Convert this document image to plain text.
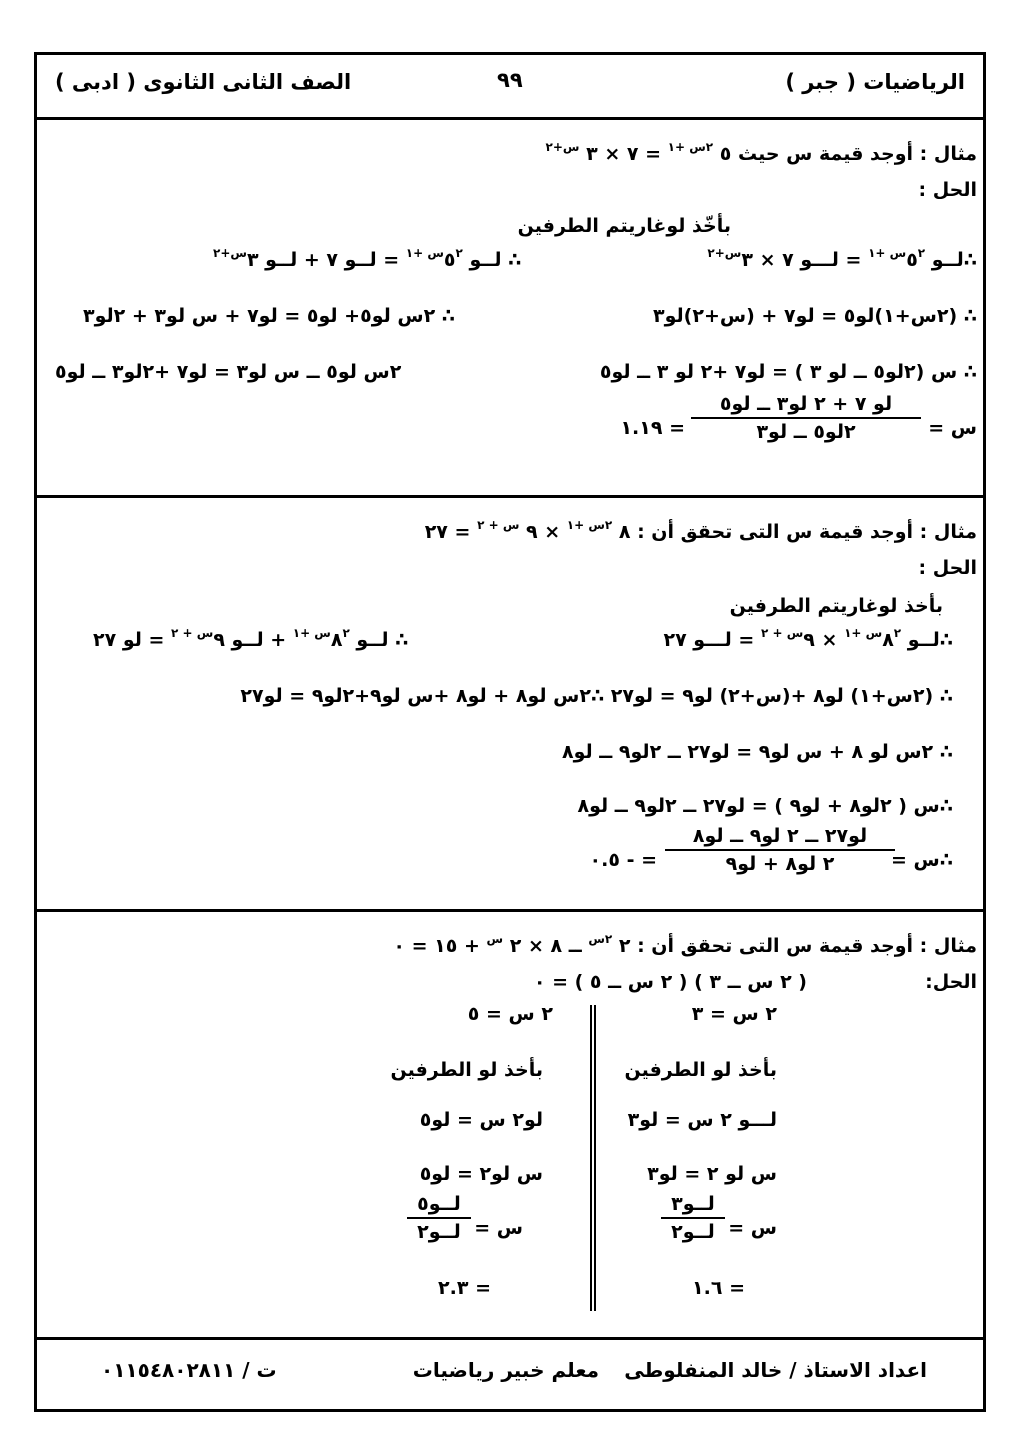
الرياضيات ( جبر )
٩٩
الصف الثانى الثانوى ( ادبى )
مثال : أوجد قيمة س حيث ٥ $^{٢س +١}$ = ٧ × ٣ $^{س+٢}$
الحل :
بأخّذ لوغاريتم الطرفين
∴لــو $٥^{٢س +١}$ = لـــو ٧ × $٣^{س+٢}$
∴ لــو $٥^{٢س +١}$ = لــو ٧ + لــو $٣^{س+٢}$
∴ (٢س+١)لو٥ = لو٧ + (س+٢)لو٣
∴ ٢س لو٥+ لو٥ = لو٧ + س لو٣ + ٢لو٣
∴ س (٢لو٥ ــ لو ٣ ) = لو٧ +٢ لو ٣ ــ لو٥
٢س لو٥ ــ س لو٣ = لو٧ +٢لو٣ ــ لو٥
س =
لو ٧ + ٢ لو٣ ــ لو٥
٢لو٥ ــ لو٣
= ١.١٩
مثال : أوجد قيمة س التى تحقق أن : ٨ $^{٢س +١}$ × ٩ $^{س + ٢}$ = ٢٧
الحل :
بأخذ لوغاريتم الطرفين
∴لــو $٨^{٢س +١}$ × $٩^{س + ٢}$ = لـــو ٢٧
∴ لــو $٨^{٢س +١}$ + لــو $٩^{س + ٢}$ = لو ٢٧
∴ (٢س+١) لو٨ +(س+٢) لو٩ = لو٢٧ ∴٢س لو٨ + لو٨ +س لو٩+٢لو٩ = لو٢٧
∴ ٢س لو ٨ + س لو٩ = لو٢٧ ــ ٢لو٩ ــ لو٨
∴س ( ٢لو٨ + لو٩ ) = لو٢٧ ــ ٢لو٩ ــ لو٨
∴س =
لو٢٧ ــ ٢ لو٩ ــ لو٨
٢ لو٨ + لو٩
= - ٠.٥
مثال : أوجد قيمة س التى تحقق أن : ٢ $^{٢س}$ ــ ٨ × ٢ $^س$ + ١٥ = ٠
الحل:
( ٢ س ــ ٣ ) ( ٢ س ــ ٥ ) = ٠
٢ س = ٣
بأخذ لو الطرفين
لـــو ٢ س = لو٣
س لو ٢ = لو٣
س =
لــو٣
لــو٢
= ١.٦
٢ س = ٥
بأخذ لو الطرفين
لو٢ س = لو٥
س لو٢ = لو٥
س =
لــو٥
لــو٢
= ٢.٣
اعداد الاستاذ / خالد المنفلوطى
معلم خبير رياضيات
ت / ٠١١٥٤٨٠٢٨١١
